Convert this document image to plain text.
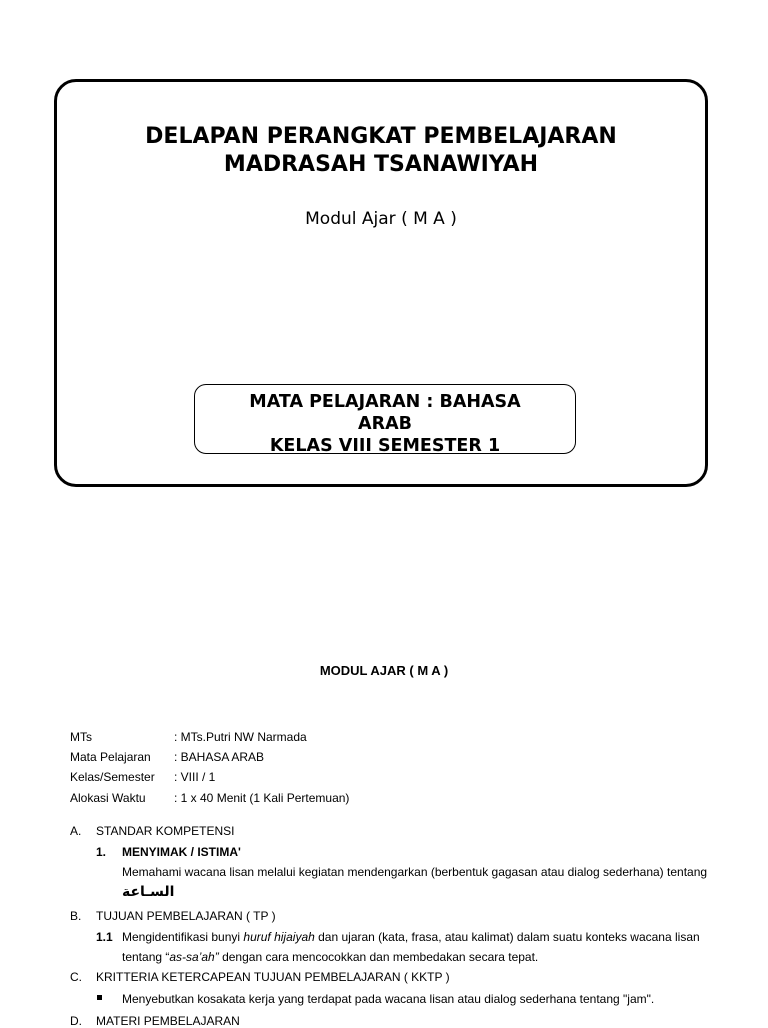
DELAPAN PERANGKAT PEMBELAJARAN
MADRASAH TSANAWIYAH
Modul Ajar ( M A )
MATA PELAJARAN : BAHASA
ARAB
KELAS VIII SEMESTER 1
MODUL AJAR ( M A )
MTs	: MTs.Putri NW Narmada
Mata Pelajaran : BAHASA ARAB
Kelas/Semester : VIII / 1
Alokasi Waktu : 1 x 40 Menit (1 Kali Pertemuan)
A. STANDAR KOMPETENSI
1. MENYIMAK / ISTIMA'
Memahami wacana lisan melalui kegiatan mendengarkan (berbentuk gagasan atau dialog sederhana) tentang
السـاعة
B. TUJUAN PEMBELAJARAN ( TP )
1.1 Mengidentifikasi bunyi huruf hijaiyah dan ujaran (kata, frasa, atau kalimat) dalam suatu konteks wacana lisan
tentang “as-sa’ah” dengan cara mencocokkan dan membedakan secara tepat.
C. KRITTERIA KETERCAPEAN TUJUAN PEMBELAJARAN ( KKTP )
Menyebutkan kosakata kerja yang terdapat pada wacana lisan atau dialog sederhana tentang "jam".
D. MATERI PEMBELAJARAN
